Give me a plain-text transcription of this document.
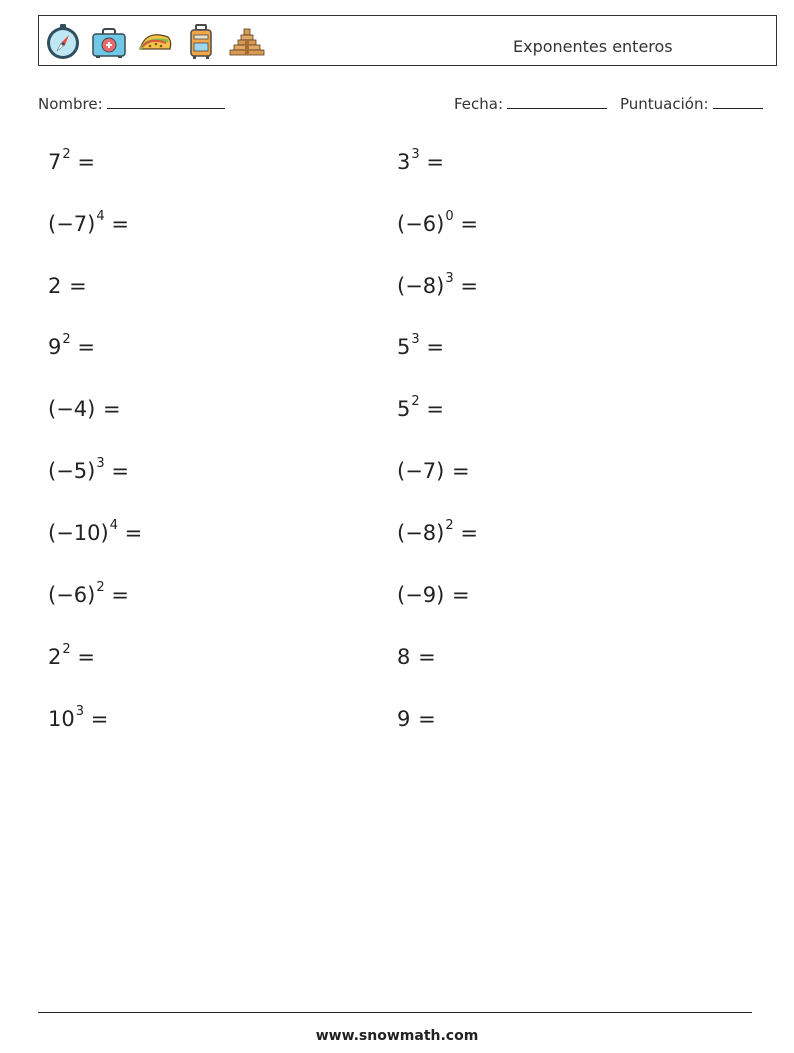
Exponentes enteros
Nombre:	Fecha:	Puntuación:
$7^2$ =
$(-7)^4$ =
2 =
$9^2$ =
(−4) =
$(-5)^3$ =
$(-10)^4$ =
$(-6)^2$ =
$2^2$ =
$10^3$ =
$3^3$ =
$(-6)^0$ =
$(-8)^3$ =
$5^3$ =
$5^2$ =
(−7) =
$(-8)^2$ =
(−9) =
8 =
9 =
www.snowmath.com
